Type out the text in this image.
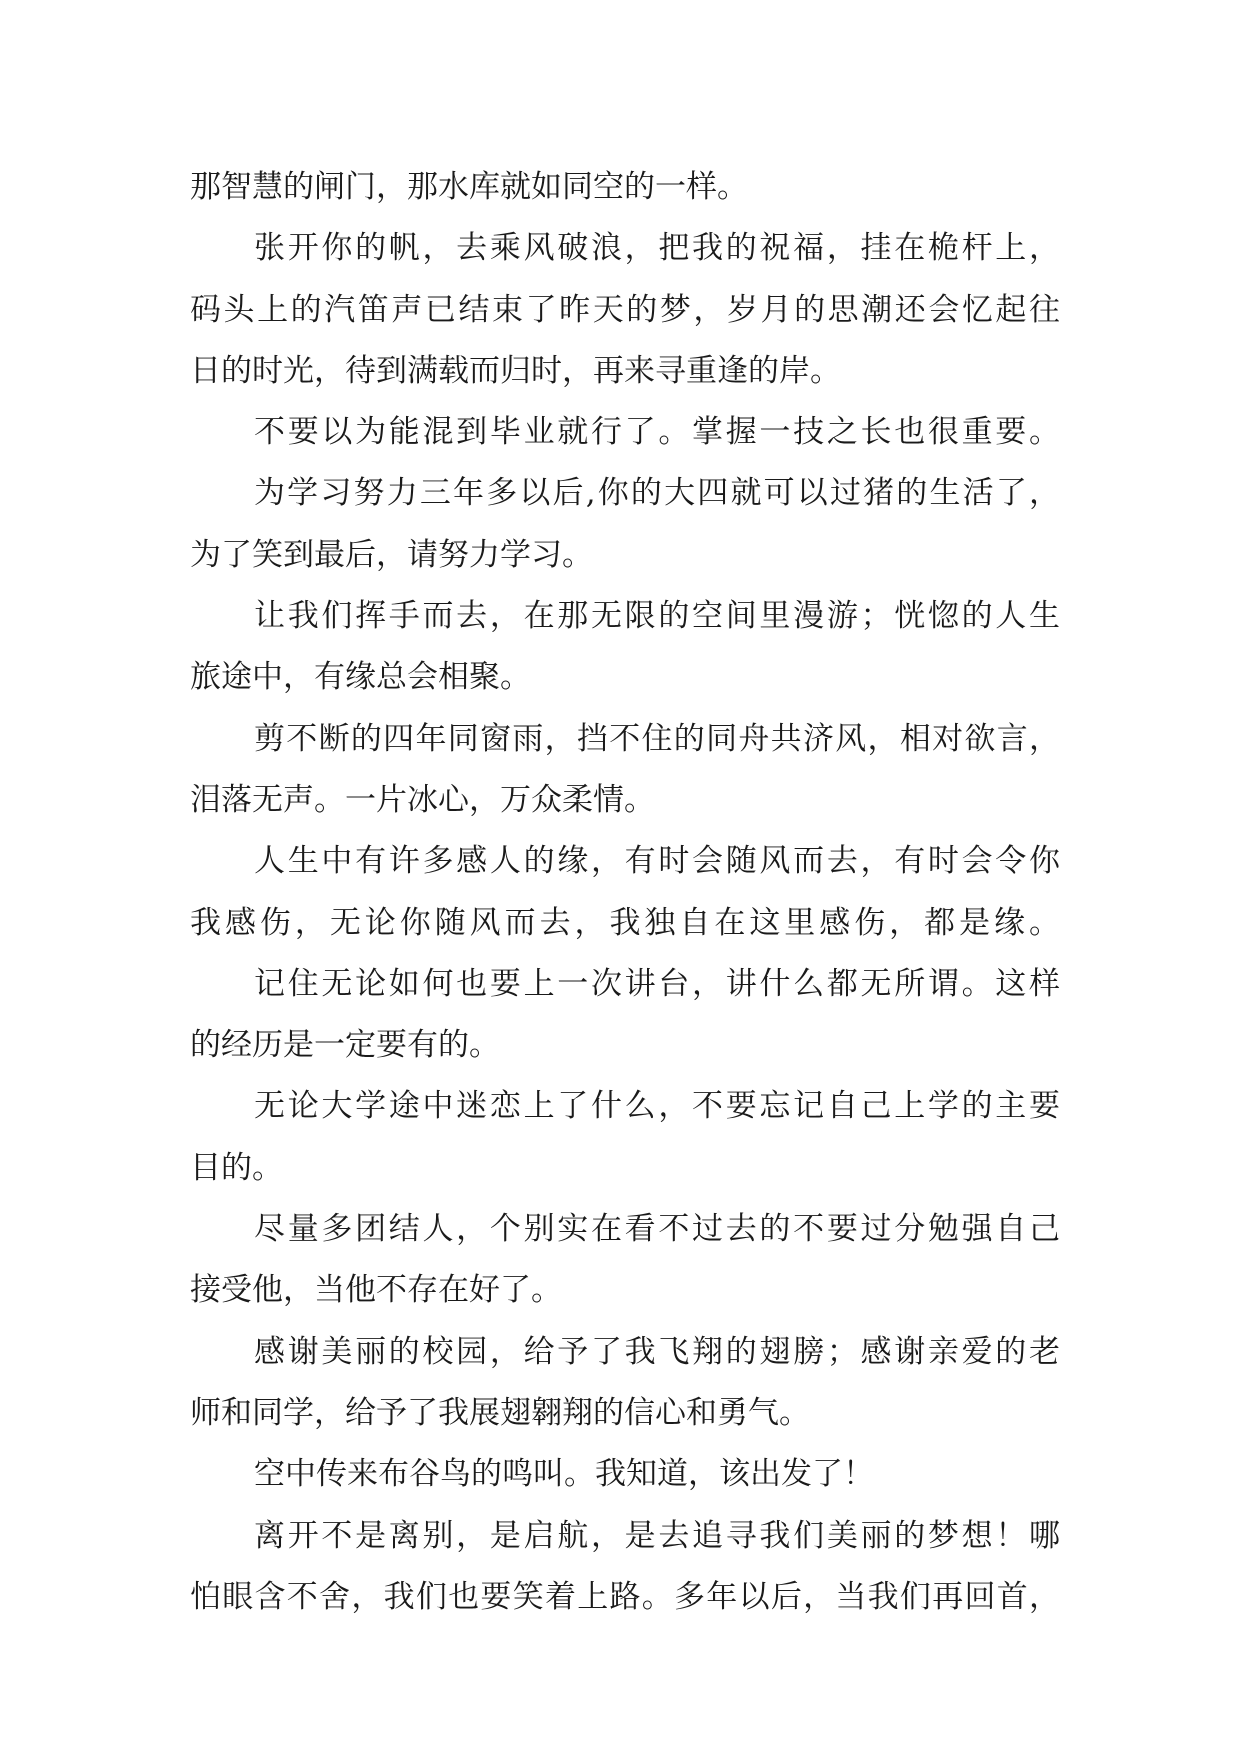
那智慧的闸门，那水库就如同空的一样。
张开你的帆，去乘风破浪，把我的祝福，挂在桅杆上，
码头上的汽笛声已结束了昨天的梦，岁月的思潮还会忆起往
日的时光，待到满载而归时，再来寻重逢的岸。
不要以为能混到毕业就行了。掌握一技之长也很重要。
为学习努力三年多以后,你的大四就可以过猪的生活了，
为了笑到最后，请努力学习。
让我们挥手而去，在那无限的空间里漫游；恍惚的人生
旅途中，有缘总会相聚。
剪不断的四年同窗雨，挡不住的同舟共济风，相对欲言，
泪落无声。一片冰心，万众柔情。
人生中有许多感人的缘，有时会随风而去，有时会令你
我感伤，无论你随风而去，我独自在这里感伤，都是缘。
记住无论如何也要上一次讲台，讲什么都无所谓。这样
的经历是一定要有的。
无论大学途中迷恋上了什么，不要忘记自己上学的主要
目的。
尽量多团结人，个别实在看不过去的不要过分勉强自己
接受他，当他不存在好了。
感谢美丽的校园，给予了我飞翔的翅膀；感谢亲爱的老
师和同学，给予了我展翅翱翔的信心和勇气。
空中传来布谷鸟的鸣叫。我知道，该出发了！
离开不是离别，是启航，是去追寻我们美丽的梦想！哪
怕眼含不舍，我们也要笑着上路。多年以后，当我们再回首，
